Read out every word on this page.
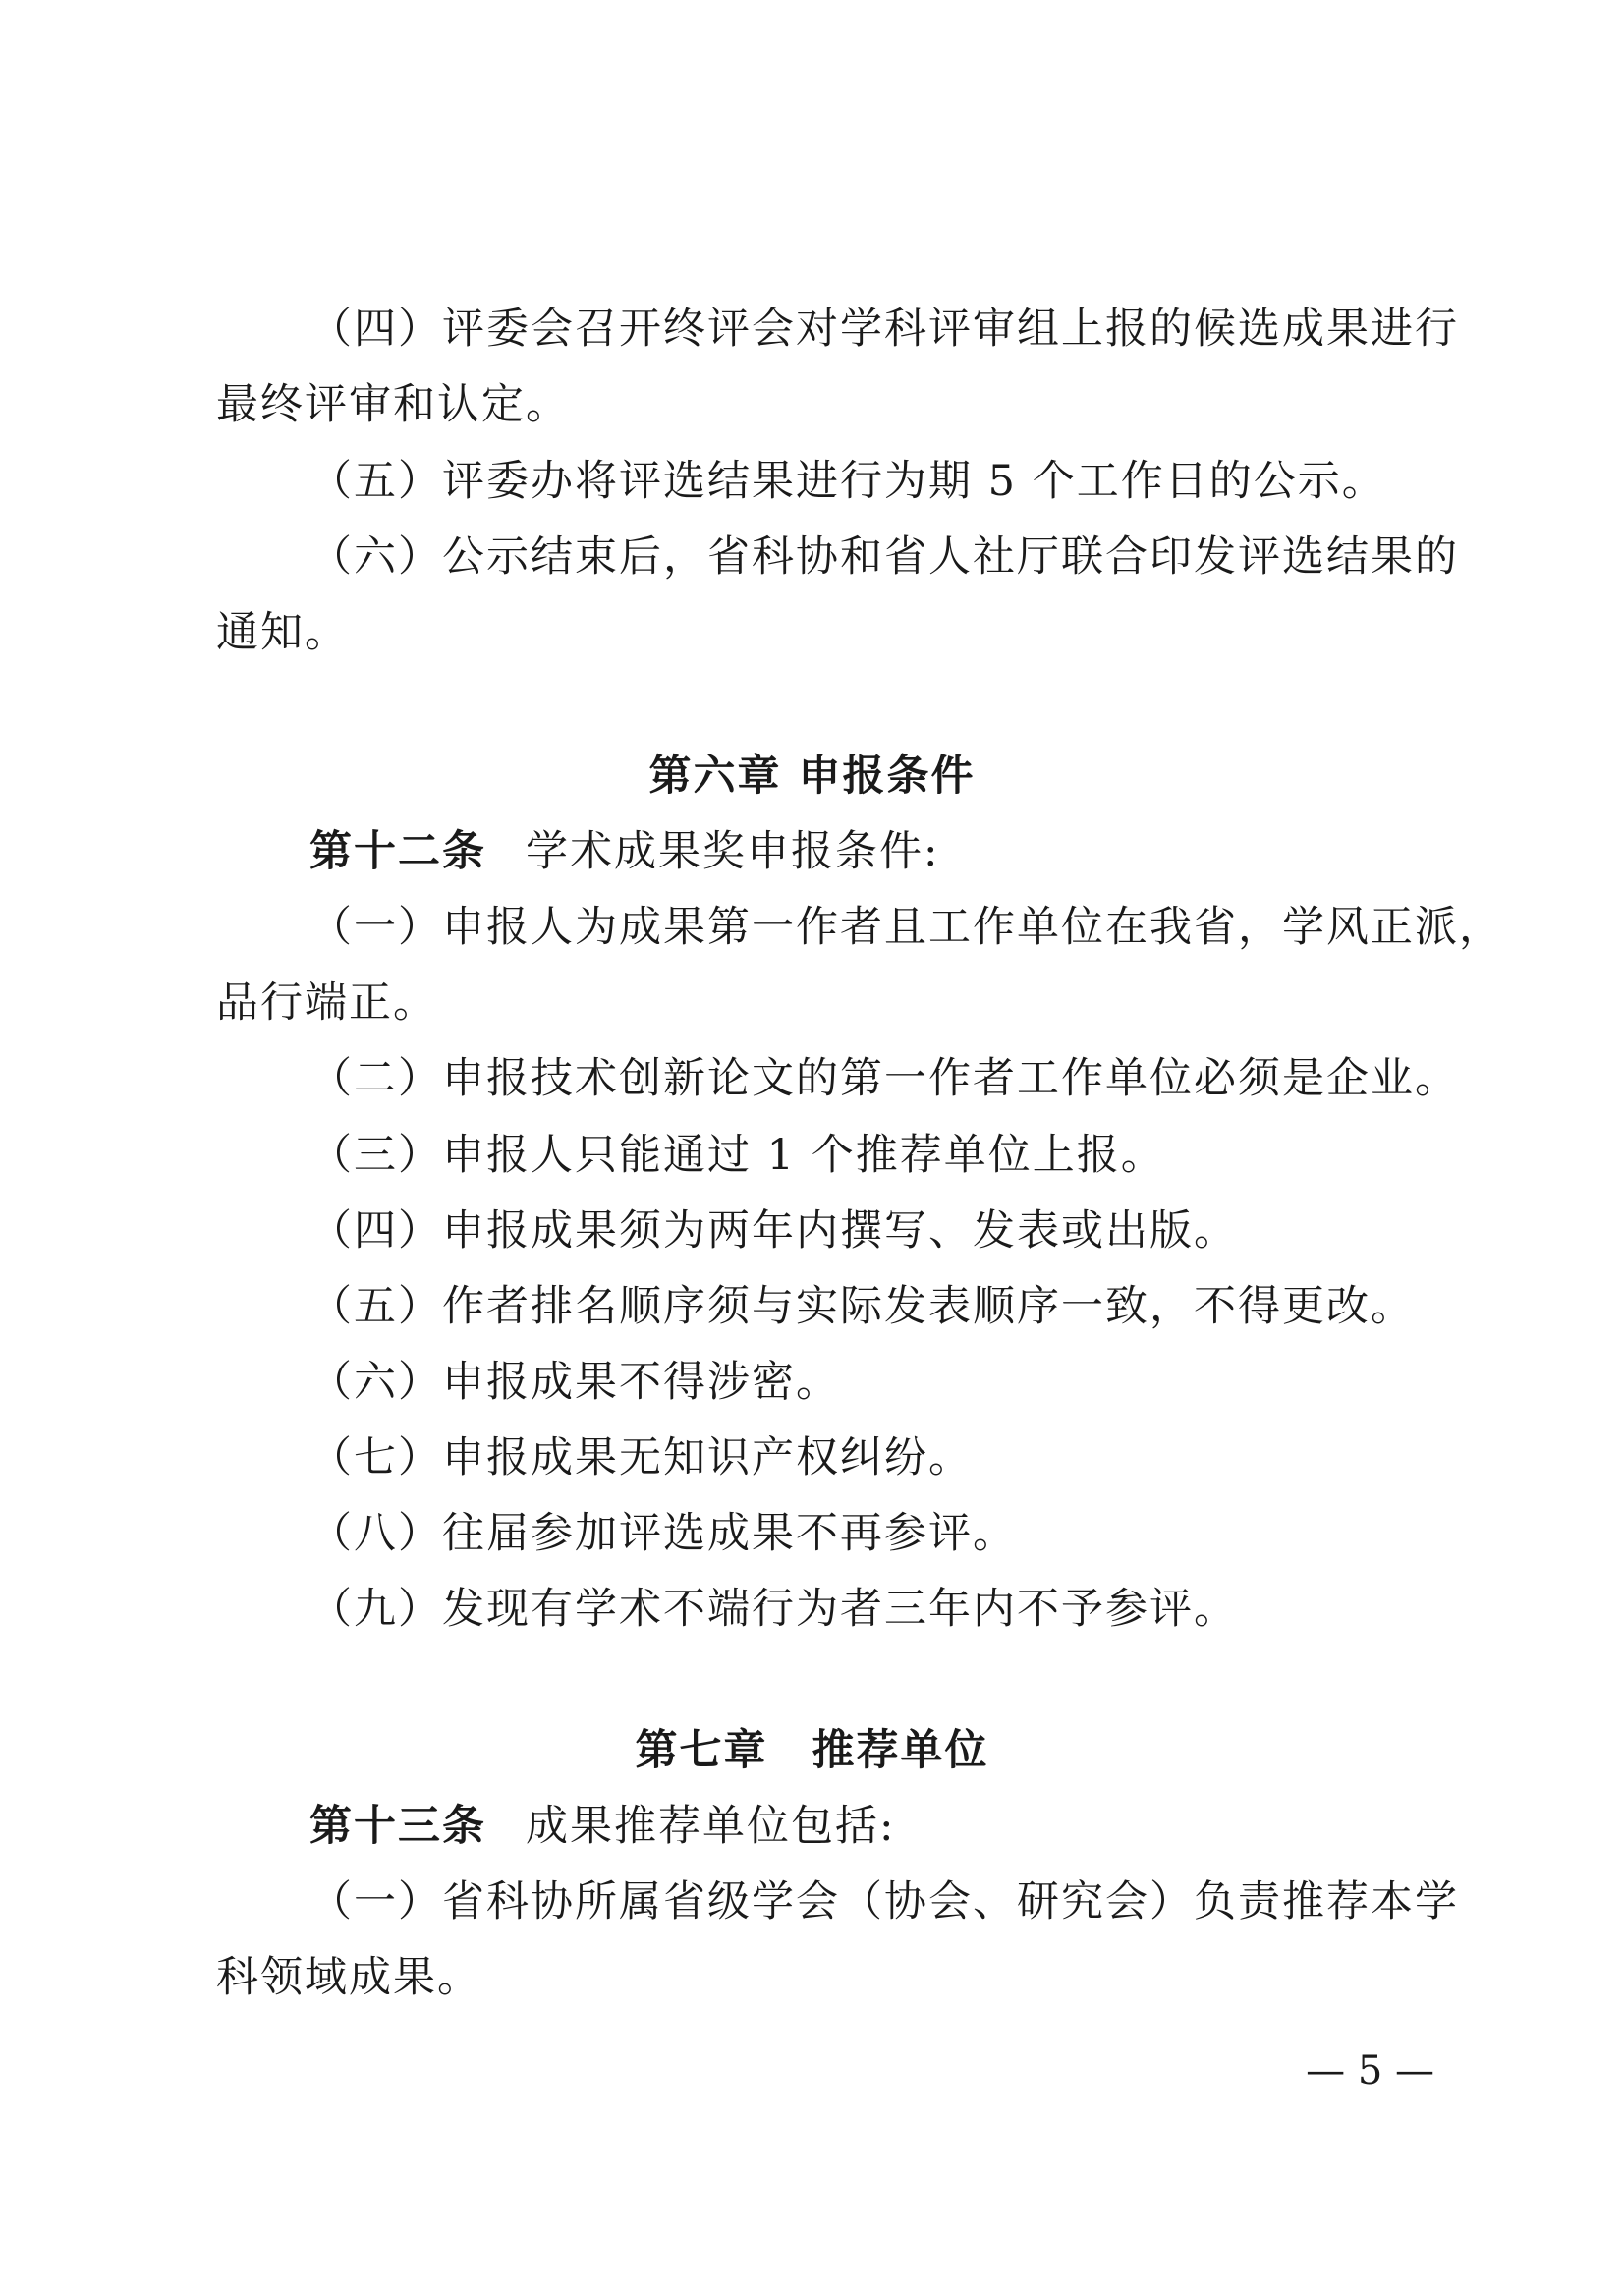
（四）评委会召开终评会对学科评审组上报的候选成果进行
最终评审和认定。
（五）评委办将评选结果进行为期 5 个工作日的公示。
（六）公示结束后，省科协和省人社厅联合印发评选结果的
通知。
第六章 申报条件
第十二条 学术成果奖申报条件:
（一）申报人为成果第一作者且工作单位在我省，学风正派，
品行端正。
（二）申报技术创新论文的第一作者工作单位必须是企业。
（三）申报人只能通过 1 个推荐单位上报。
（四）申报成果须为两年内撰写、发表或出版。
（五）作者排名顺序须与实际发表顺序一致，不得更改。
（六）申报成果不得涉密。
（七）申报成果无知识产权纠纷。
（八）往届参加评选成果不再参评。
（九）发现有学术不端行为者三年内不予参评。
第七章　推荐单位
第十三条 成果推荐单位包括:
（一）省科协所属省级学会（协会、研究会）负责推荐本学
科领域成果。
— 5 —
